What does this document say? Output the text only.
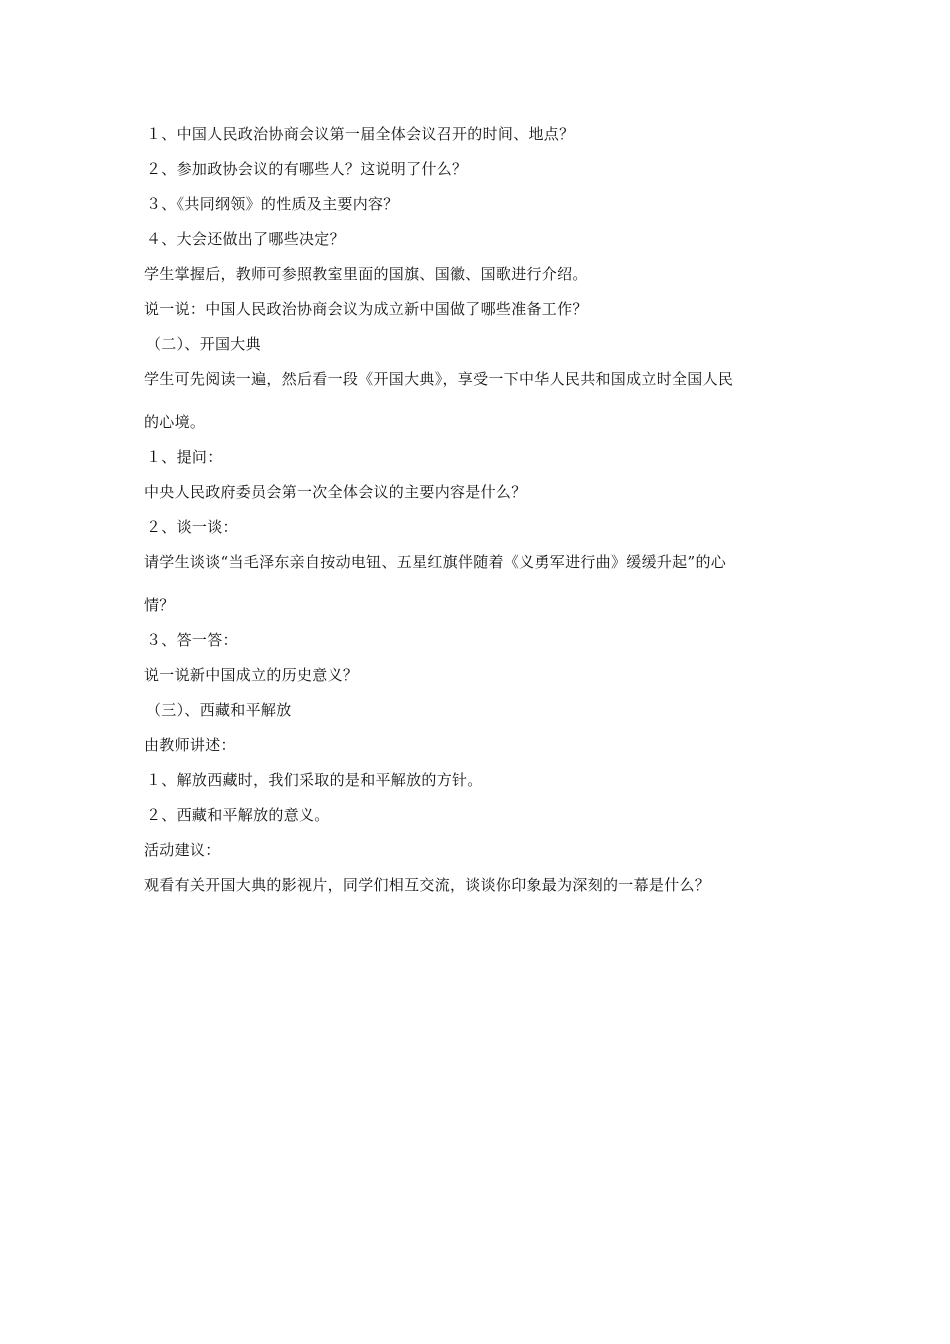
１、中国人民政治协商会议第一届全体会议召开的时间、地点？

２、参加政协会议的有哪些人？这说明了什么？

３、《共同纲领》的性质及主要内容？

４、大会还做出了哪些决定？

学生掌握后，教师可参照教室里面的国旗、国徽、国歌进行介绍。

说一说：中国人民政治协商会议为成立新中国做了哪些准备工作？

（二）、开国大典

学生可先阅读一遍，然后看一段《开国大典》，享受一下中华人民共和国成立时全国人民

的心境。

１、提问：

中央人民政府委员会第一次全体会议的主要内容是什么？

２、谈一谈：

请学生谈谈“当毛泽东亲自按动电钮、五星红旗伴随着《义勇军进行曲》缓缓升起”的心

情？

３、答一答：

说一说新中国成立的历史意义？

（三）、西藏和平解放

由教师讲述：

１、解放西藏时，我们采取的是和平解放的方针。

２、西藏和平解放的意义。

活动建议：

观看有关开国大典的影视片，同学们相互交流，谈谈你印象最为深刻的一幕是什么？
